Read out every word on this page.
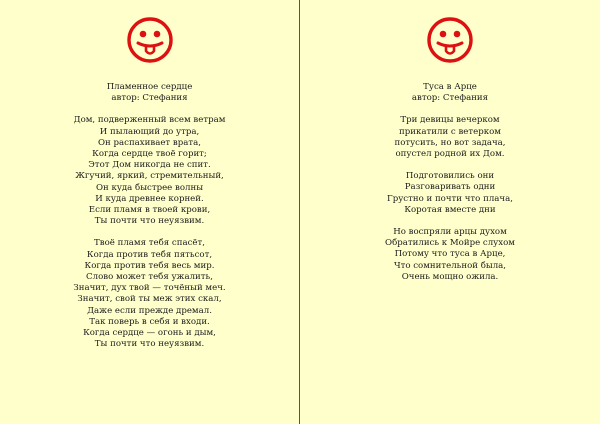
Пламенное сердце
автор: Стефания
Дом, подверженный всем ветрам
И пылающий до утра,
Он распахивает врата,
Когда сердце твоё горит;
Этот Дом никогда не спит.
Жгучий, яркий, стремительный,
Он куда быстрее волны
И куда древнее корней.
Если пламя в твоей крови,
Ты почти что неуязвим.
Твоё пламя тебя спасёт,
Когда против тебя пятьсот,
Когда против тебя весь мир.
Слово может тебя ужалить,
Значит, дух твой — точёный меч.
Значит, свой ты меж этих скал,
Даже если прежде дремал.
Так поверь в себя и входи.
Когда сердце — огонь и дым,
Ты почти что неуязвим.
Туса в Арце
автор: Стефания
Три девицы вечерком
прикатили с ветерком
потусить, но вот задача,
опустел родной их Дом.
Подготовились они
Разговаривать одни
Грустно и почти что плача,
Коротая вместе дни
Но воспряли арцы духом
Обратились к Мойре слухом
Потому что туса в Арце,
Что сомнительной была,
Очень мощно ожила.
